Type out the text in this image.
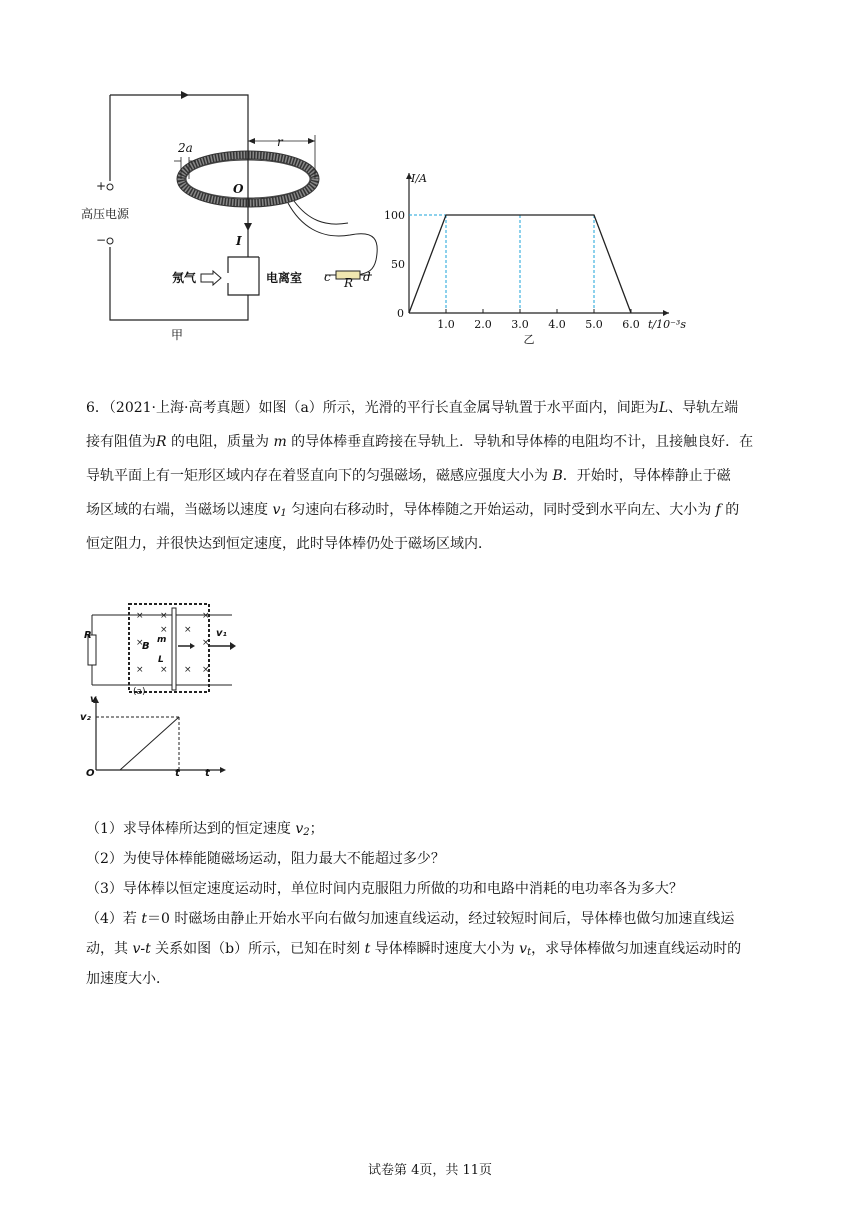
+
−
高压电源
2a	r
O
I
氖气	电离室 c R d
甲
1.0 2.0 3.0 4.0 5.0 6.0
50
100
0
I/A
t/10⁻³s
乙

6．（2021·上海·高考真题）如图（a）所示，光滑的平行长直金属导轨置于水平面内，间距为L、导轨左端

接有阻值为R 的电阻，质量为 m 的导体棒垂直跨接在导轨上．导轨和导体棒的电阻均不计，且接触良好．在

导轨平面上有一矩形区域内存在着竖直向下的匀强磁场，磁感应强度大小为 B．开始时，导体棒静止于磁

场区域的右端，当磁场以速度 $v_1$ 匀速向右移动时，导体棒随之开始运动，同时受到水平向左、大小为 f 的

恒定阻力，并很快达到恒定速度，此时导体棒仍处于磁场区域内．

（1）求导体棒所达到的恒定速度 $v_2$；

（2）为使导体棒能随磁场运动，阻力最大不能超过多少？

（3）导体棒以恒定速度运动时，单位时间内克服阻力所做的功和电路中消耗的电功率各为多大？

（4）若 t＝0 时磁场由静止开始水平向右做匀加速直线运动，经过较短时间后，导体棒也做匀加速直线运

动，其 v-t 关系如图（b）所示，已知在时刻 t 导体棒瞬时速度大小为 $v_t$，求导体棒做匀加速直线运动时的

加速度大小．

× ×
×
×
× ×
×
×
×
×
×
R
B
m
L
v₁
(a)
v
v₂
O	t	t
试卷第 4页，共 11页
